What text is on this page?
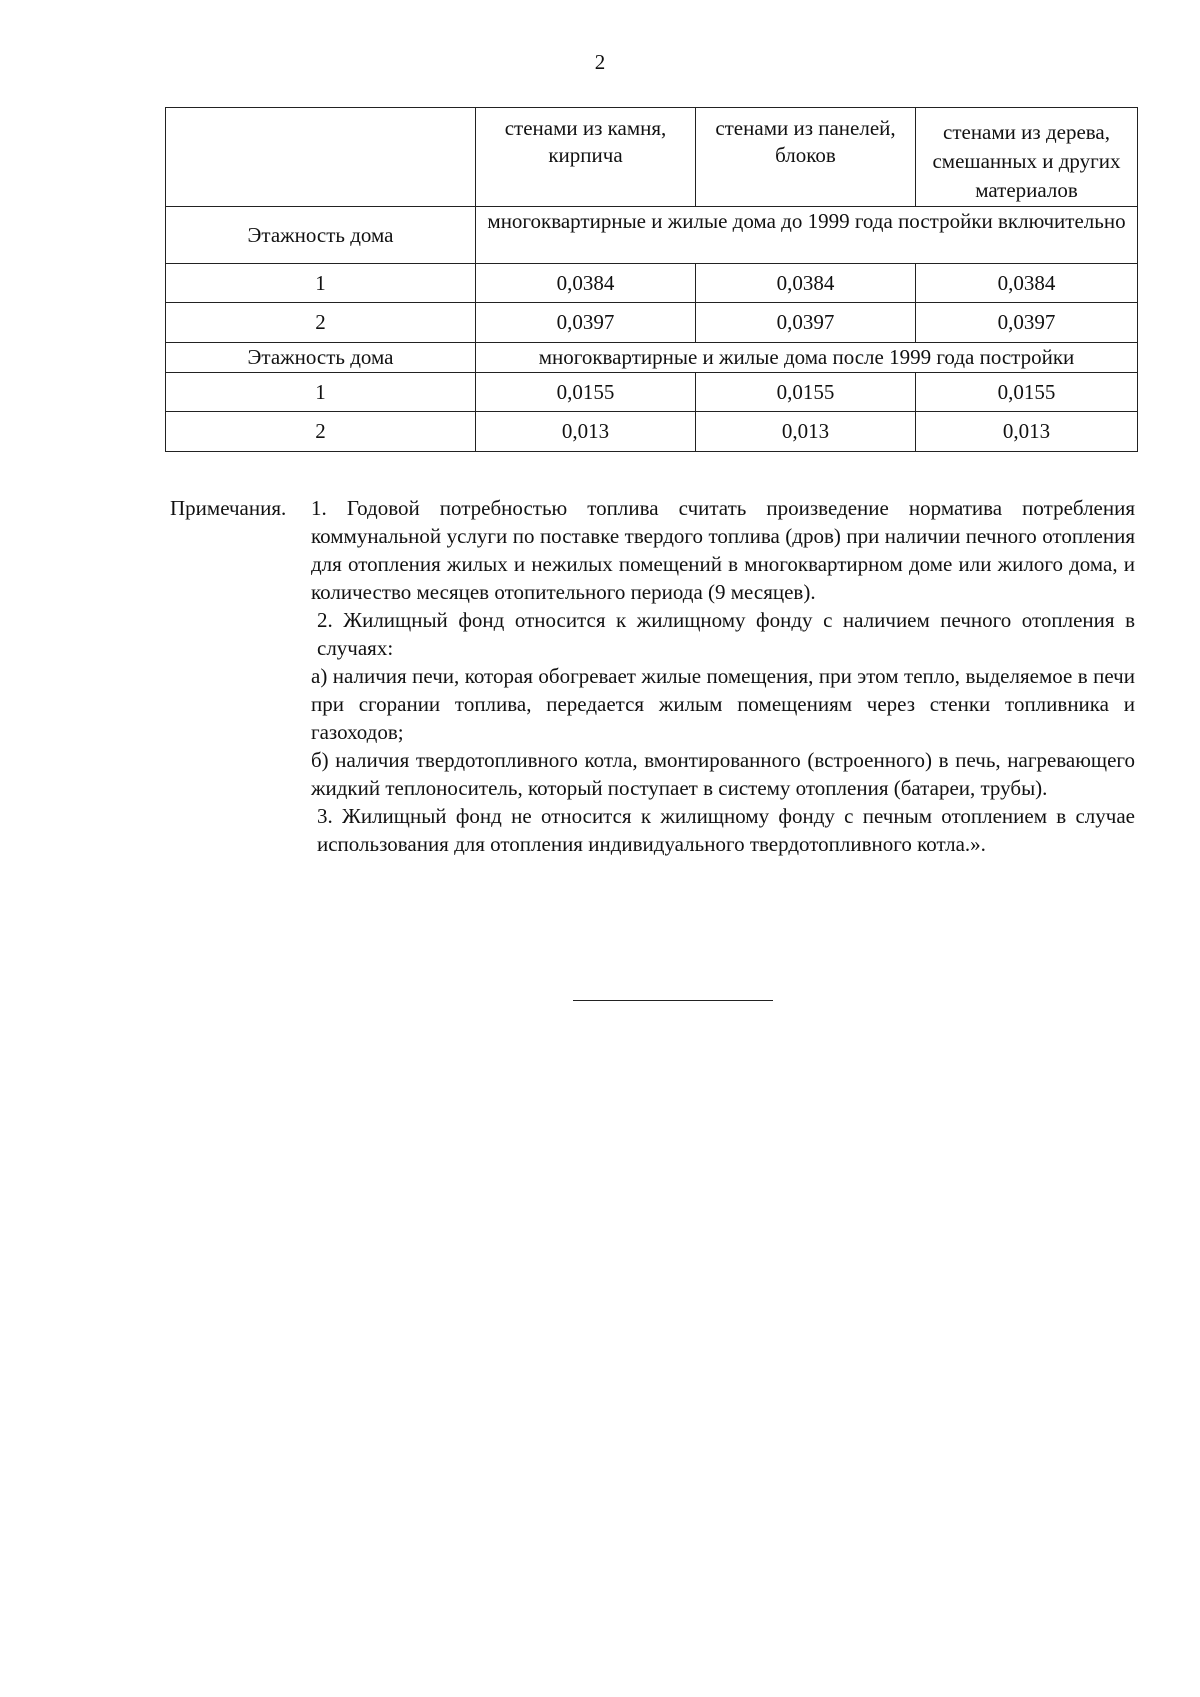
2
	стенами из камня, кирпича	стенами из панелей, блоков	стенами из дерева, смешанных и других материалов
Этажность дома	многоквартирные и жилые дома до 1999 года постройки включительно		
1	0,0384	0,0384	0,0384
2	0,0397	0,0397	0,0397
Этажность дома	многоквартирные и жилые дома после 1999 года постройки		
1	0,0155	0,0155	0,0155
2	0,013	0,013	0,013
Примечания.	1. Годовой потребностью топлива считать произведение норматива потребления коммунальной услуги по поставке твердого топлива (дров) при наличии печного отопления для отопления жилых и нежилых помещений в многоквартирном доме или жилого дома, и количество месяцев отопительного периода (9 месяцев).

2. Жилищный фонд относится к жилищному фонду с наличием печного отопления в случаях:

а) наличия печи, которая обогревает жилые помещения, при этом тепло, выделяемое в печи при сгорании топлива, передается жилым помещениям через стенки топливника и газоходов;

б) наличия твердотопливного котла, вмонтированного (встроенного) в печь, нагревающего жидкий теплоноситель, который поступает в систему отопления (батареи, трубы).

3. Жилищный фонд не относится к жилищному фонду с печным отоплением в случае использования для отопления индивидуального твердотопливного котла.».
